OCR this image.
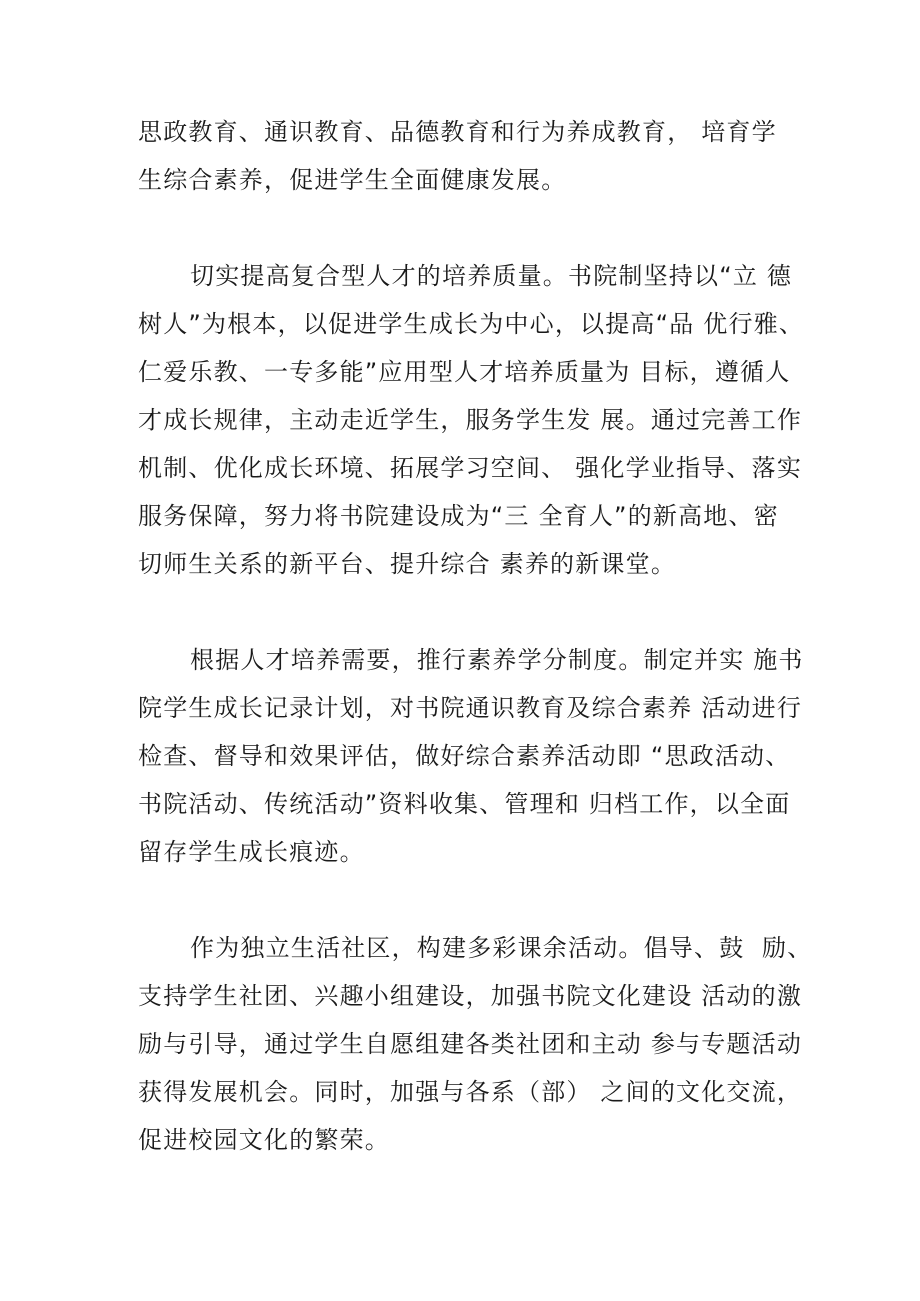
思政教育、通识教育、品德教育和行为养成教育， 培育学
生综合素养，促进学生全面健康发展。
切实提高复合型人才的培养质量。书院制坚持以“立 德
树人”为根本，以促进学生成长为中心，以提高“品 优行雅、
仁爱乐教、一专多能”应用型人才培养质量为 目标，遵循人
才成长规律，主动走近学生，服务学生发 展。通过完善工作
机制、优化成长环境、拓展学习空间、 强化学业指导、落实
服务保障，努力将书院建设成为“三 全育人”的新高地、密
切师生关系的新平台、提升综合 素养的新课堂。
根据人才培养需要，推行素养学分制度。制定并实 施书
院学生成长记录计划，对书院通识教育及综合素养 活动进行
检查、督导和效果评估，做好综合素养活动即 “思政活动、
书院活动、传统活动”资料收集、管理和 归档工作，以全面
留存学生成长痕迹。
作为独立生活社区，构建多彩课余活动。倡导、鼓  励、
支持学生社团、兴趣小组建设，加强书院文化建设 活动的激
励与引导，通过学生自愿组建各类社团和主动 参与专题活动
获得发展机会。同时，加强与各系（部） 之间的文化交流，
促进校园文化的繁荣。
